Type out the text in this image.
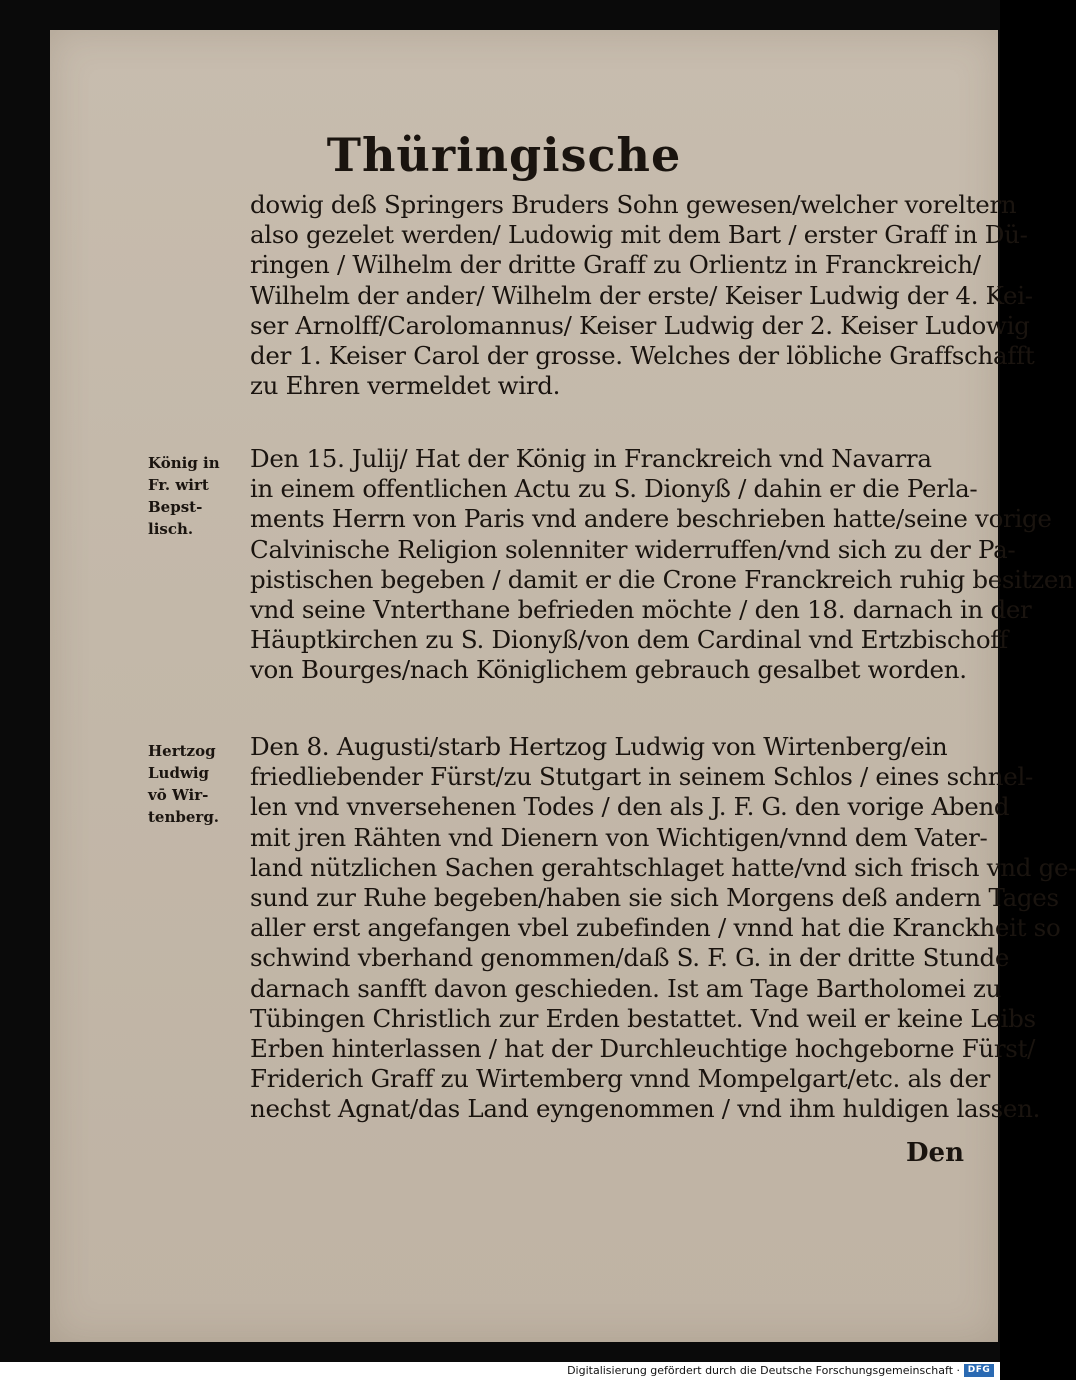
Thüringische
dowig deß Springers Bruders Sohn gewesen/welcher voreltern
also gezelet werden/ Ludowig mit dem Bart / erster Graff in Dü-
ringen / Wilhelm der dritte Graff zu Orlientz in Franckreich/
Wilhelm der ander/ Wilhelm der erste/ Keiser Ludwig der 4. Kei-
ser Arnolff/Carolomannus/ Keiser Ludwig der 2. Keiser Ludowig
der 1. Keiser Carol der grosse. Welches der löbliche Graffschafft
zu Ehren vermeldet wird.
König in
Fr. wirt
Bepst-
lisch.
Den 15. Julij/ Hat der König in Franckreich vnd Navarra
in einem offentlichen Actu zu S. Dionyß / dahin er die Perla-
ments Herrn von Paris vnd andere beschrieben hatte/seine vorige
Calvinische Religion solenniter widerruffen/vnd sich zu der Pa-
pistischen begeben / damit er die Crone Franckreich ruhig besitzen
vnd seine Vnterthane befrieden möchte / den 18. darnach in der
Häuptkirchen zu S. Dionyß/von dem Cardinal vnd Ertzbischoff
von Bourges/nach Königlichem gebrauch gesalbet worden.
Hertzog
Ludwig
vō Wir-
tenberg.
Den 8. Augusti/starb Hertzog Ludwig von Wirtenberg/ein
friedliebender Fürst/zu Stutgart in seinem Schlos / eines schnel-
len vnd vnversehenen Todes / den als J. F. G. den vorige Abend
mit jren Rähten vnd Dienern von Wichtigen/vnnd dem Vater-
land nützlichen Sachen gerahtschlaget hatte/vnd sich frisch vnd ge-
sund zur Ruhe begeben/haben sie sich Morgens deß andern Tages
aller erst angefangen vbel zubefinden / vnnd hat die Kranckheit so
schwind vberhand genommen/daß S. F. G. in der dritte Stunde
darnach sanfft davon geschieden. Ist am Tage Bartholomei zu
Tübingen Christlich zur Erden bestattet. Vnd weil er keine Leibs
Erben hinterlassen / hat der Durchleuchtige hochgeborne Fürst/
Friderich Graff zu Wirtemberg vnnd Mompelgart/etc. als der
nechst Agnat/das Land eyngenommen / vnd ihm huldigen lassen.
Den
Digitalisierung gefördert durch die Deutsche Forschungsgemeinschaft · DFG
